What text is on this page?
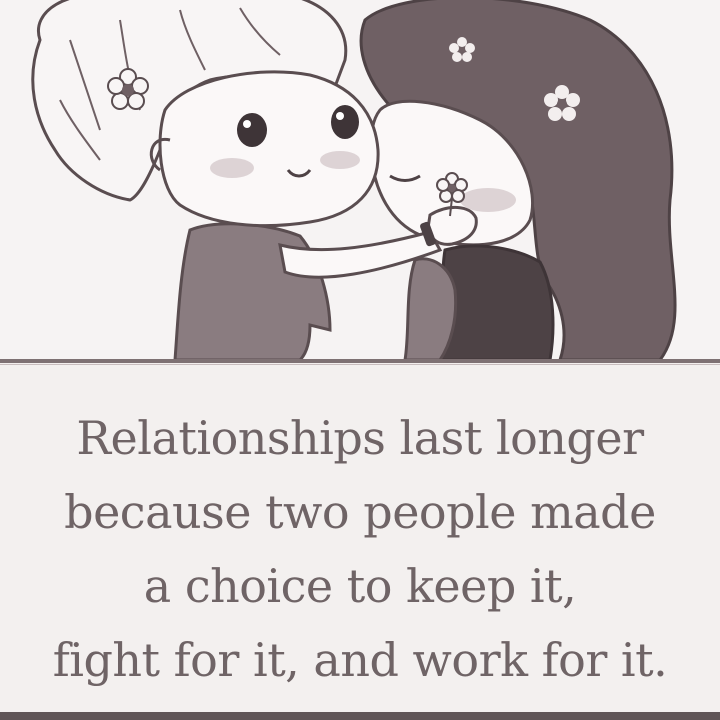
Relationships last longer
because two people made
a choice to keep it,
fight for it, and work for it.
